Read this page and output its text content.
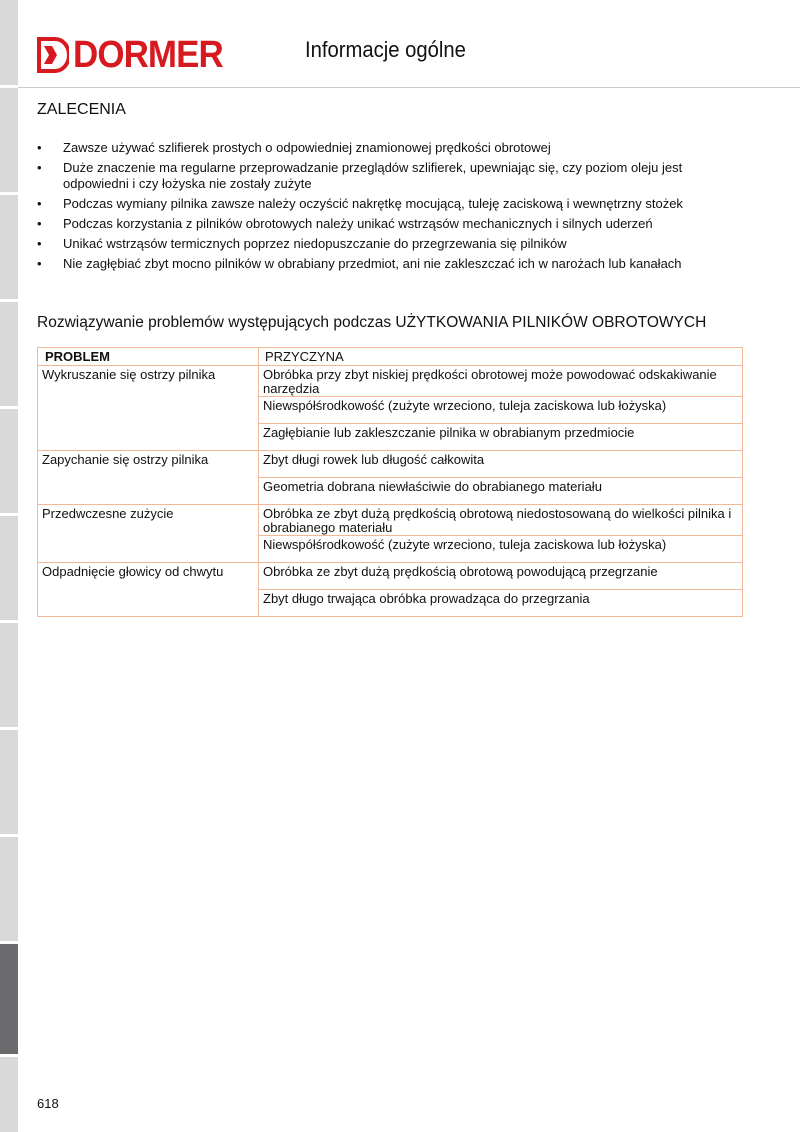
DORMER	Informacje ogólne
ZALECENIA
• Zawsze używać szlifierek prostych o odpowiedniej znamionowej prędkości obrotowej
• Duże znaczenie ma regularne przeprowadzanie przeglądów szlifierek, upewniając się, czy poziom oleju jest odpowiedni i czy łożyska nie zostały zużyte
• Podczas wymiany pilnika zawsze należy oczyścić nakrętkę mocującą, tuleję zaciskową i wewnętrzny stożek
• Podczas korzystania z pilników obrotowych należy unikać wstrząsów mechanicznych i silnych uderzeń
• Unikać wstrząsów termicznych poprzez niedopuszczanie do przegrzewania się pilników
• Nie zagłębiać zbyt mocno pilników w obrabiany przedmiot, ani nie zakleszczać ich w narożach lub kanałach
Rozwiązywanie problemów występujących podczas UŻYTKOWANIA PILNIKÓW OBROTOWYCH
PROBLEM	PRZYCZYNA
Wykruszanie się ostrzy pilnika	Obróbka przy zbyt niskiej prędkości obrotowej może powodować odskakiwanie narzędzia
	Niewspółśrodkowość (zużyte wrzeciono, tuleja zaciskowa lub łożyska)
	Zagłębianie lub zakleszczanie pilnika w obrabianym przedmiocie
Zapychanie się ostrzy pilnika	Zbyt długi rowek lub długość całkowita
	Geometria dobrana niewłaściwie do obrabianego materiału
Przedwczesne zużycie	Obróbka ze zbyt dużą prędkością obrotową niedostosowaną do wielkości pilnika i obrabianego materiału
	Niewspółśrodkowość (zużyte wrzeciono, tuleja zaciskowa lub łożyska)
Odpadnięcie głowicy od chwytu	Obróbka ze zbyt dużą prędkością obrotową powodującą przegrzanie
	Zbyt długo trwająca obróbka prowadząca do przegrzania
618
